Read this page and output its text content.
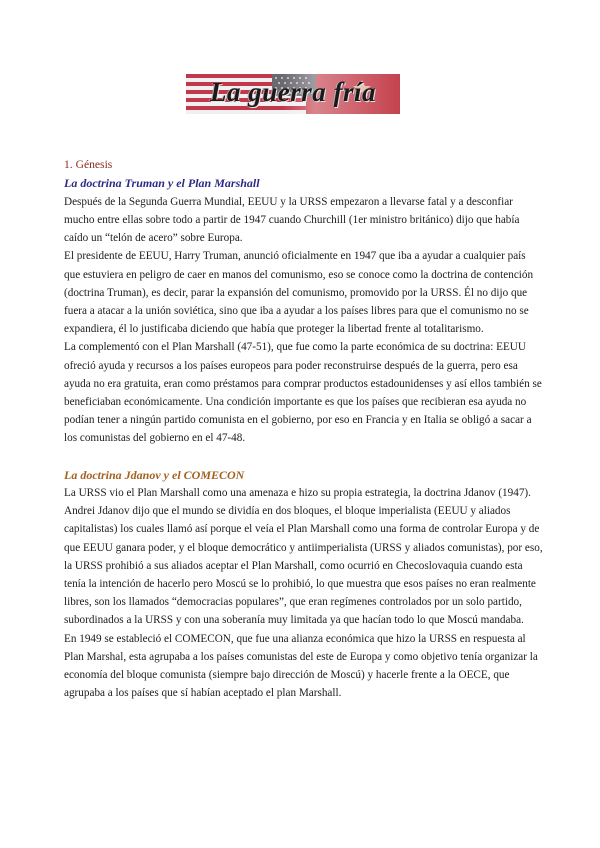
La guerra fría

1. Génesis

La doctrina Truman y el Plan Marshall

Después de la Segunda Guerra Mundial, EEUU y la URSS empezaron a llevarse fatal y a desconfiar mucho entre ellas sobre todo a partir de 1947 cuando Churchill (1er ministro británico) dijo que había caído un “telón de acero” sobre Europa.

El presidente de EEUU, Harry Truman, anunció oficialmente en 1947 que iba a ayudar a cualquier país que estuviera en peligro de caer en manos del comunismo, eso se conoce como la doctrina de contención (doctrina Truman), es decir, parar la expansión del comunismo, promovido por la URSS. Él no dijo que fuera a atacar a la unión soviética, sino que iba a ayudar a los países libres para que el comunismo no se expandiera, él lo justificaba diciendo que había que proteger la libertad frente al totalitarismo.

La complementó con el Plan Marshall (47-51), que fue como la parte económica de su doctrina: EEUU ofreció ayuda y recursos a los países europeos para poder reconstruirse después de la guerra, pero esa ayuda no era gratuita, eran como préstamos para comprar productos estadounidenses y así ellos también se beneficiaban económicamente. Una condición importante es que los países que recibieran esa ayuda no podían tener a ningún partido comunista en el gobierno, por eso en Francia y en Italia se obligó a sacar a los comunistas del gobierno en el 47-48.

La doctrina Jdanov y el COMECON

La URSS vio el Plan Marshall como una amenaza e hizo su propia estrategia, la doctrina Jdanov (1947). Andrei Jdanov dijo que el mundo se dividía en dos bloques, el bloque imperialista (EEUU y aliados capitalistas) los cuales llamó así porque el veía el Plan Marshall como una forma de controlar Europa y de que EEUU ganara poder, y el bloque democrático y antiimperialista (URSS y aliados comunistas), por eso, la URSS prohibió a sus aliados aceptar el Plan Marshall, como ocurrió en Checoslovaquia cuando esta tenía la intención de hacerlo pero Moscú se lo prohibió, lo que muestra que esos países no eran realmente libres, son los llamados “democracias populares”, que eran regímenes controlados por un solo partido, subordinados a la URSS y con una soberanía muy limitada ya que hacían todo lo que Moscú mandaba.

En 1949 se estableció el COMECON, que fue una alianza económica que hizo la URSS en respuesta al Plan Marshal, esta agrupaba a los países comunistas del este de Europa y como objetivo tenía organizar la economía del bloque comunista (siempre bajo dirección de Moscú) y hacerle frente a la OECE, que agrupaba a los países que sí habían aceptado el plan Marshall.
